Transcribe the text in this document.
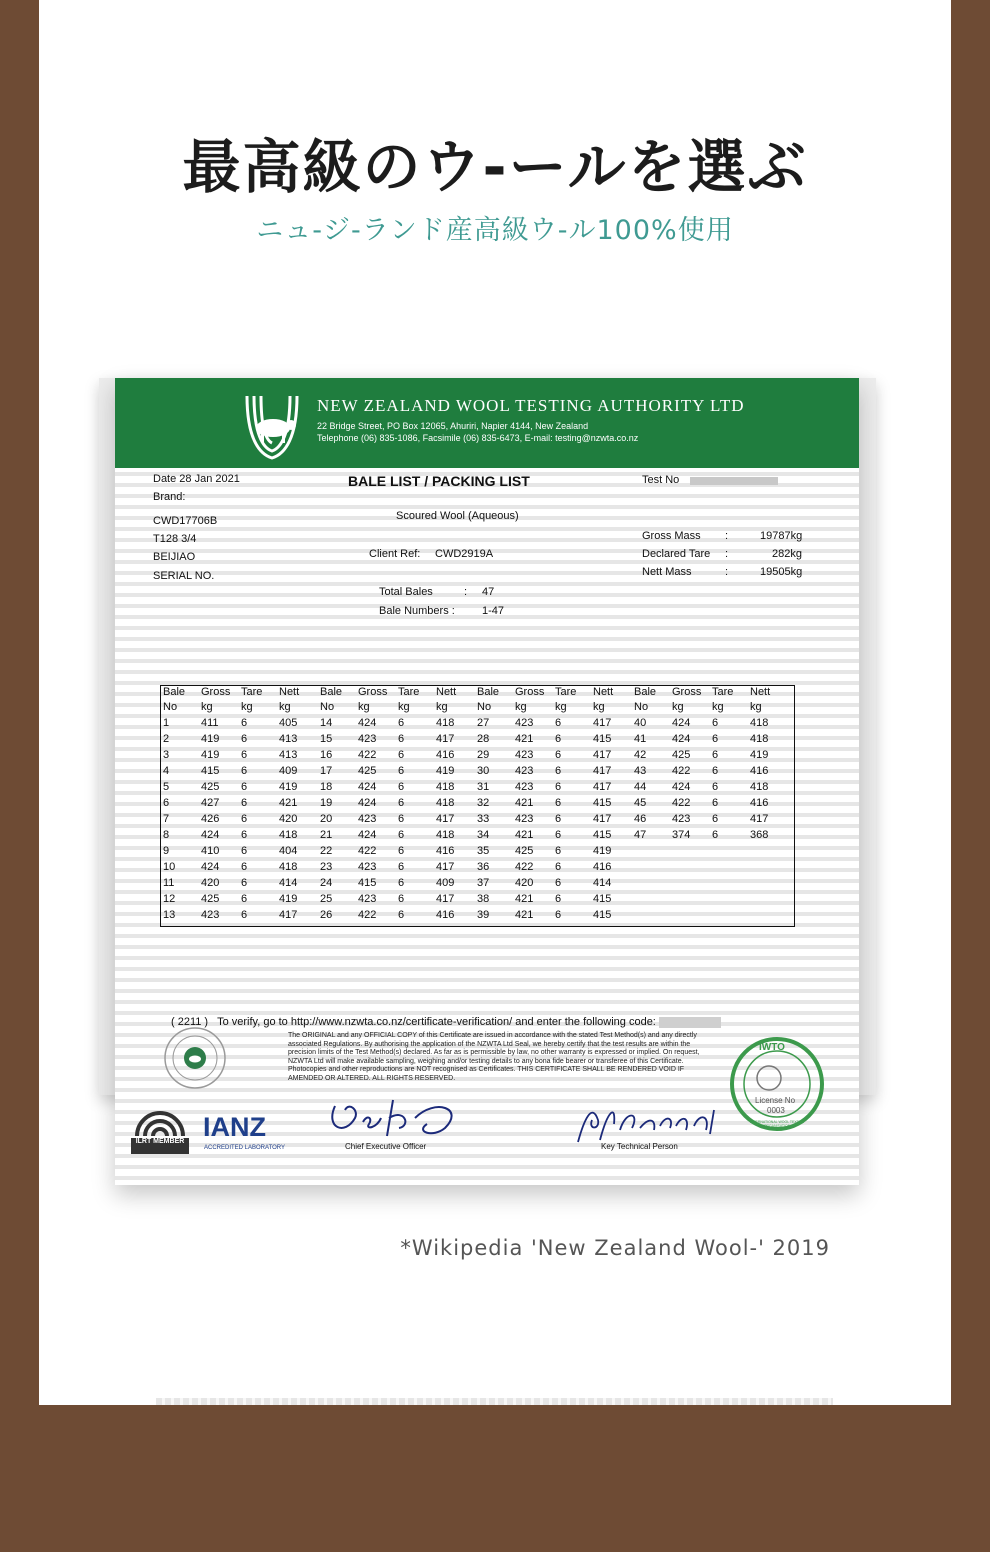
最高級のウ-ールを選ぶ
ニュ-ジ-ランド産高級ウ-ル100%使用
NEW ZEALAND WOOL TESTING AUTHORITY LTD
22 Bridge Street, PO Box 12065, Ahuriri, Napier 4144, New Zealand
Telephone (06) 835-1086, Facsimile (06) 835-6473, E-mail: testing@nzwta.co.nz
Date 28 Jan 2021
Brand:
BALE LIST / PACKING LIST	Test No
CWD17706B
T128 3/4
BEIJIAO
SERIAL NO.
Scoured Wool (Aqueous)
Client Ref: CWD2919A
Total Bales	: 47
Bale Numbers : 1-47
Gross Mass :	19787kg
Declared Tare :	282kg
Nett Mass	:	19505kg
Bale Gross Tare Nett
No kg	kg kg
Bale Gross Tare Nett
No kg	kg kg
Bale Gross Tare Nett
No kg	kg kg
Bale Gross Tare Nett
No kg	kg kg
1	411 6	405
2	419 6	413
3	419 6	413
4	415 6	409
5	425 6	419
6	427 6	421
7	426 6	420
8	424 6	418
9	410 6	404
10 424 6	418
11 420 6	414
12 425 6	419
13 423 6	417
14 424 6	418
15 423 6	417
16 422 6	416
17 425 6	419
18 424 6	418
19 424 6	418
20 423 6	417
21 424 6	418
22 422 6	416
23 423 6	417
24 415 6	409
25 423 6	417
26 422 6	416
27 423 6	417
28 421 6	415
29 423 6	417
30 423 6	417
31 423 6	417
32 421 6	415
33 423 6	417
34 421 6	415
35 425 6	419
36 422 6	416
37 420 6	414
38 421 6	415
39 421 6	415
40 424 6	418
41 424 6	418
42 425 6	419
43 422 6	416
44 424 6	418
45 422 6	416
46 423 6	417
47 374 6	368
( 2211 ) To verify, go to http://www.nzwta.co.nz/certificate-verification/ and enter the following code:
The ORIGINAL and any OFFICIAL COPY of this Certificate are issued in accordance with the stated Test Method(s) and any directly associated Regulations. By authorising the application of the NZWTA Ltd Seal, we hereby certify that the test results are within the precision limits of the Test Method(s) declared. As far as is permissible by law, no other warranty is expressed or implied. On request, NZWTA Ltd will make available sampling, weighing and/or testing details to any bona fide bearer or transferee of this Certificate. Photocopies and other reproductions are NOT recognised as Certificates. THIS CERTIFICATE SHALL BE RENDERED VOID IF AMENDED OR ALTERED. ALL RIGHTS RESERVED.
ILRT MEMBER IANZ
ACCREDITED LABORATORY	Chief Executive Officer	Key Technical Person
IWTO
License No
0003
INTERNATIONAL WOOL TEXTILE ORGANISATION
*Wikipedia 'New Zealand Wool-' 2019
